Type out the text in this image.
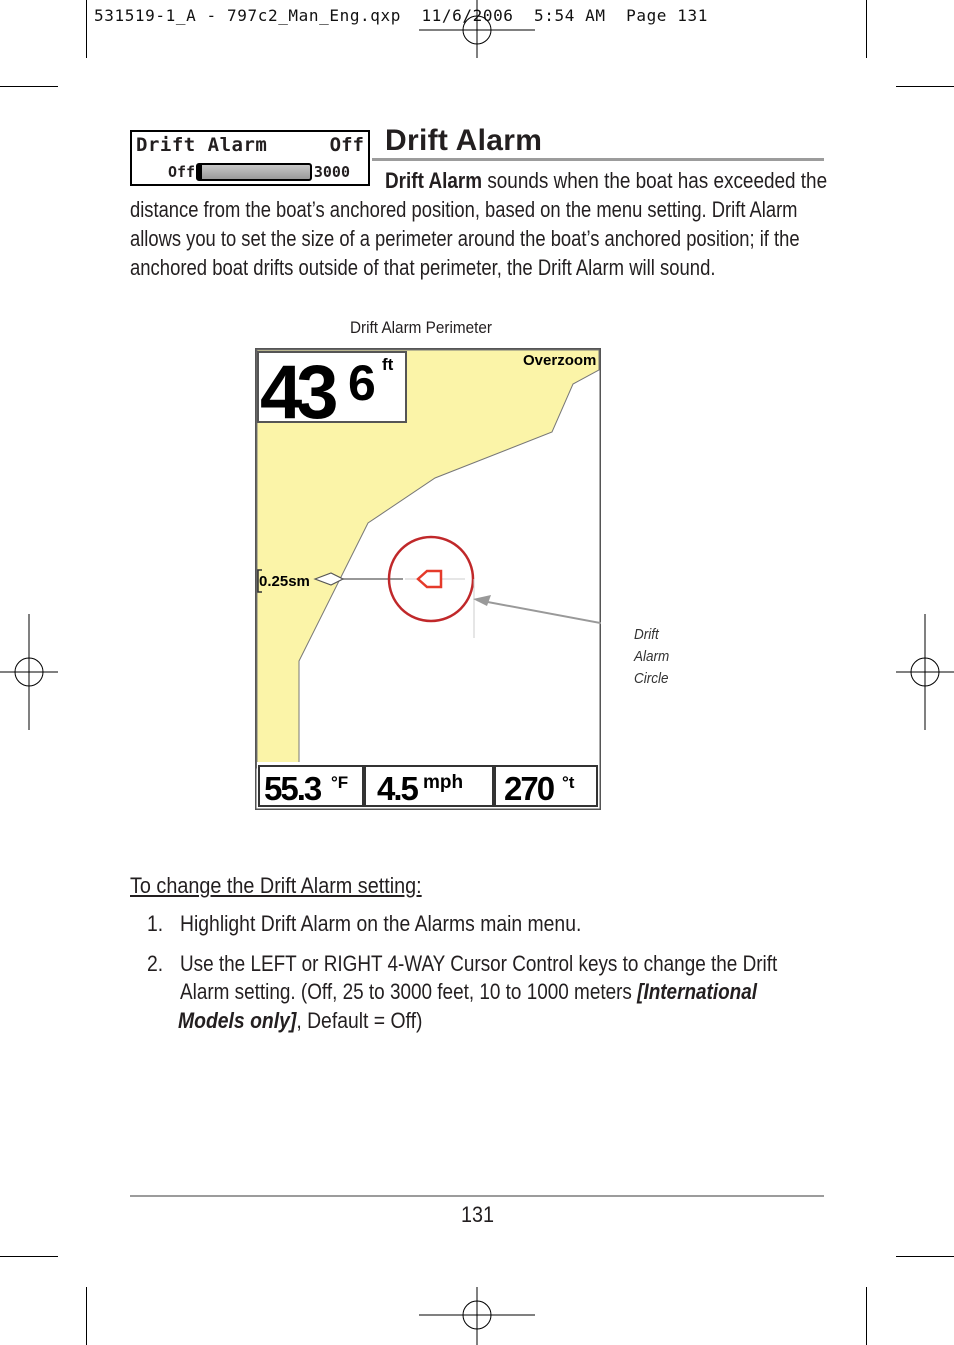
531519-1_A - 797c2_Man_Eng.qxp  11/6/2006  5:54 AM  Page 131
Drift Alarm	Off
Off	3000
Drift Alarm
Drift Alarm sounds when the boat has exceeded the
distance from the boat’s anchored position, based on the menu setting. Drift Alarm
allows you to set the size of a perimeter around the boat’s anchored position; if the
anchored boat drifts outside of that perimeter, the Drift Alarm will sound.
Drift Alarm Perimeter
43 6 ft	Overzoom
0.25sm
55.3 °F 4.5 mph 270 °t
Drift
Alarm
Circle
To change the Drift Alarm setting:
1. Highlight Drift Alarm on the Alarms main menu.
2. Use the LEFT or RIGHT 4-WAY Cursor Control keys to change the Drift
Alarm setting. (Off, 25 to 3000 feet, 10 to 1000 meters [International
Models only], Default = Off)
131
